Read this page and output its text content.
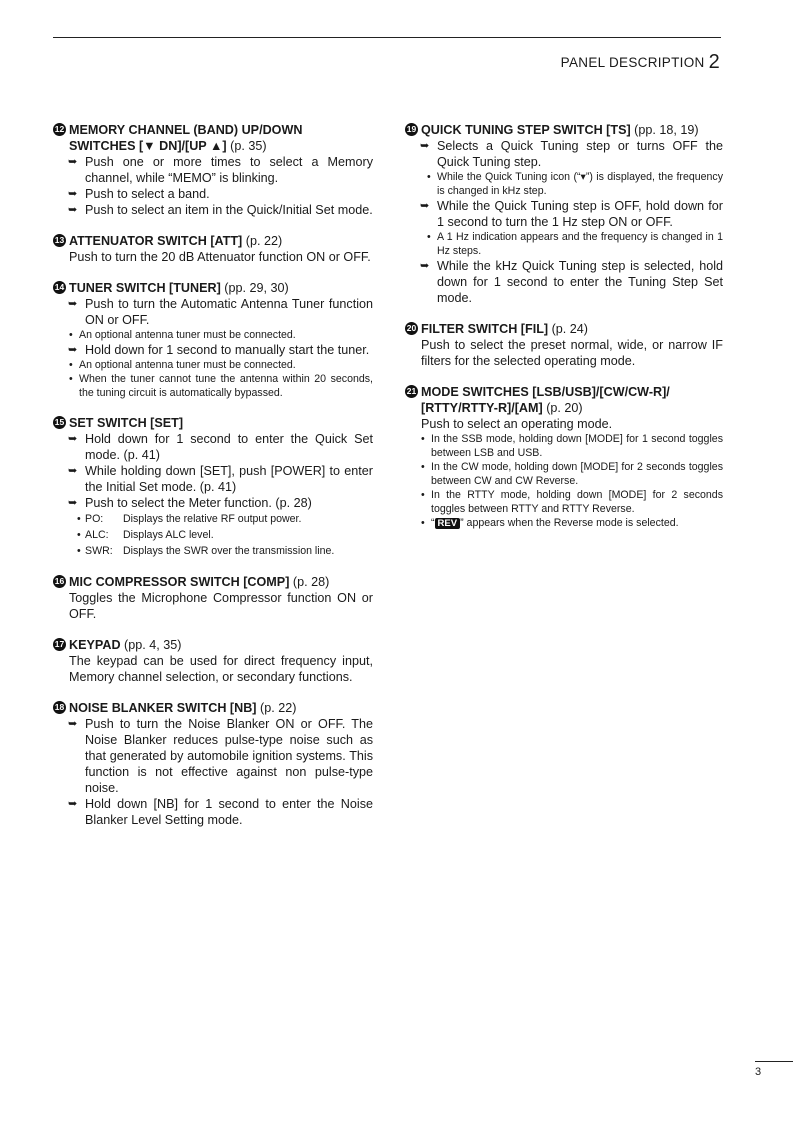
PANEL DESCRIPTION 2
12 MEMORY CHANNEL (BAND) UP/DOWN
SWITCHES [▼ DN]/[UP ▲] (p. 35)
➥ Push one or more times to select a Memory channel, while “MEMO” is blinking.
➥ Push to select a band.
➥ Push to select an item in the Quick/Initial Set mode.
13 ATTENUATOR SWITCH [ATT] (p. 22)
Push to turn the 20 dB Attenuator function ON or OFF.
14 TUNER SWITCH [TUNER] (pp. 29, 30)
➥ Push to turn the Automatic Antenna Tuner function ON or OFF.
• An optional antenna tuner must be connected.
➥ Hold down for 1 second to manually start the tuner.
• An optional antenna tuner must be connected.
• When the tuner cannot tune the antenna within 20 seconds, the tuning circuit is automatically bypassed.
15 SET SWITCH [SET]
➥ Hold down for 1 second to enter the Quick Set mode. (p. 41)
➥ While holding down [SET], push [POWER] to enter the Initial Set mode. (p. 41)
➥ Push to select the Meter function. (p. 28)
• PO: Displays the relative RF output power.
• ALC: Displays ALC level.
• SWR: Displays the SWR over the transmission line.
16 MIC COMPRESSOR SWITCH [COMP] (p. 28)
Toggles the Microphone Compressor function ON or OFF.
17 KEYPAD (pp. 4, 35)
The keypad can be used for direct frequency input, Memory channel selection, or secondary functions.
18 NOISE BLANKER SWITCH [NB] (p. 22)
➥ Push to turn the Noise Blanker ON or OFF. The Noise Blanker reduces pulse-type noise such as that generated by automobile ignition systems. This function is not effective against non pulse-type noise.
➥ Hold down [NB] for 1 second to enter the Noise Blanker Level Setting mode.
19 QUICK TUNING STEP SWITCH [TS] (pp. 18, 19)
➥ Selects a Quick Tuning step or turns OFF the Quick Tuning step.
• While the Quick Tuning icon (“▾”) is displayed, the frequency is changed in kHz step.
➥ While the Quick Tuning step is OFF, hold down for 1 second to turn the 1 Hz step ON or OFF.
• A 1 Hz indication appears and the frequency is changed in 1 Hz steps.
➥ While the kHz Quick Tuning step is selected, hold down for 1 second to enter the Tuning Step Set mode.
20 FILTER SWITCH [FIL] (p. 24)
Push to select the preset normal, wide, or narrow IF filters for the selected operating mode.
21 MODE SWITCHES [LSB/USB]/[CW/CW-R]/
[RTTY/RTTY-R]/[AM] (p. 20)
Push to select an operating mode.
• In the SSB mode, holding down [MODE] for 1 second toggles between LSB and USB.
• In the CW mode, holding down [MODE] for 2 seconds toggles between CW and CW Reverse.
• In the RTTY mode, holding down [MODE] for 2 seconds toggles between RTTY and RTTY Reverse.
• “ REV ” appears when the Reverse mode is selected.
3
